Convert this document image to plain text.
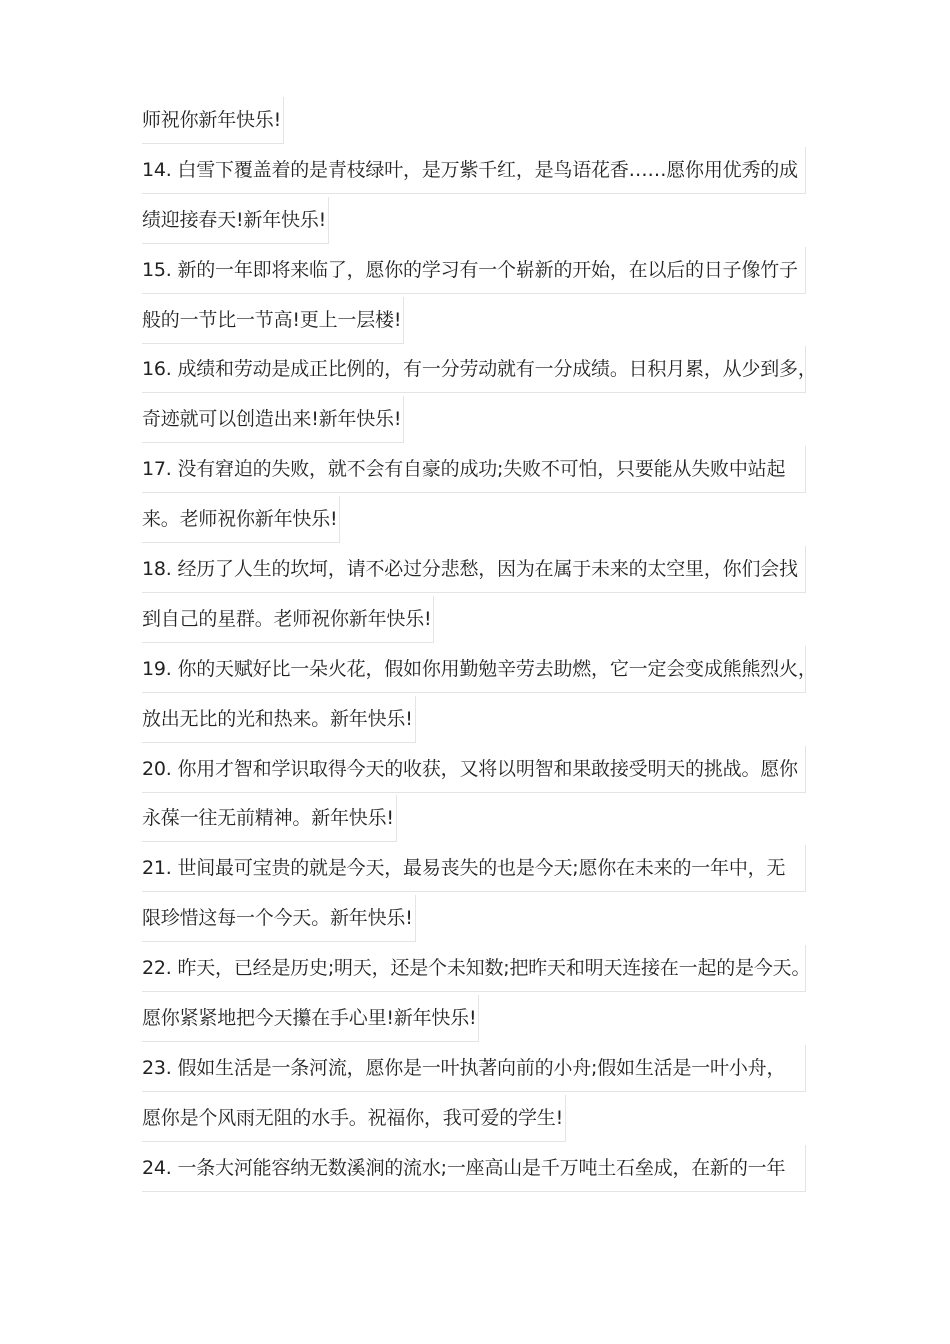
师祝你新年快乐!
14. 白雪下覆盖着的是青枝绿叶，是万紫千红，是鸟语花香……愿你用优秀的成
绩迎接春天!新年快乐!
15. 新的一年即将来临了，愿你的学习有一个崭新的开始，在以后的日子像竹子
般的一节比一节高!更上一层楼!
16. 成绩和劳动是成正比例的，有一分劳动就有一分成绩。日积月累，从少到多，
奇迹就可以创造出来!新年快乐!
17. 没有窘迫的失败，就不会有自豪的成功;失败不可怕，只要能从失败中站起
来。老师祝你新年快乐!
18. 经历了人生的坎坷，请不必过分悲愁，因为在属于未来的太空里，你们会找
到自己的星群。老师祝你新年快乐!
19. 你的天赋好比一朵火花，假如你用勤勉辛劳去助燃，它一定会变成熊熊烈火，
放出无比的光和热来。新年快乐!
20. 你用才智和学识取得今天的收获，又将以明智和果敢接受明天的挑战。愿你
永葆一往无前精神。新年快乐!
21. 世间最可宝贵的就是今天，最易丧失的也是今天;愿你在未来的一年中，无
限珍惜这每一个今天。新年快乐!
22. 昨天，已经是历史;明天，还是个未知数;把昨天和明天连接在一起的是今天。
愿你紧紧地把今天攥在手心里!新年快乐!
23. 假如生活是一条河流，愿你是一叶执著向前的小舟;假如生活是一叶小舟，
愿你是个风雨无阻的水手。祝福你，我可爱的学生!
24. 一条大河能容纳无数溪涧的流水;一座高山是千万吨土石垒成，在新的一年
